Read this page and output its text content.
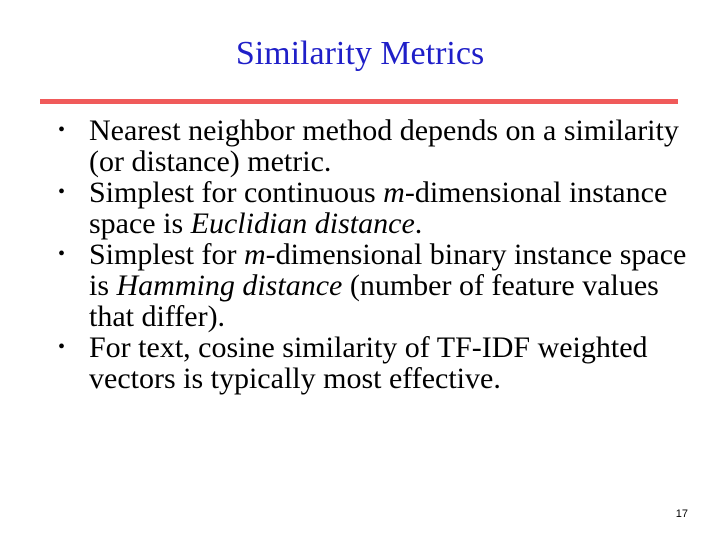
Similarity Metrics
• Nearest neighbor method depends on a similarity (or distance) metric.
• Simplest for continuous m-dimensional instance space is Euclidian distance.
• Simplest for m-dimensional binary instance space is Hamming distance (number of feature values that differ).
• For text, cosine similarity of TF-IDF weighted vectors is typically most effective.
17
